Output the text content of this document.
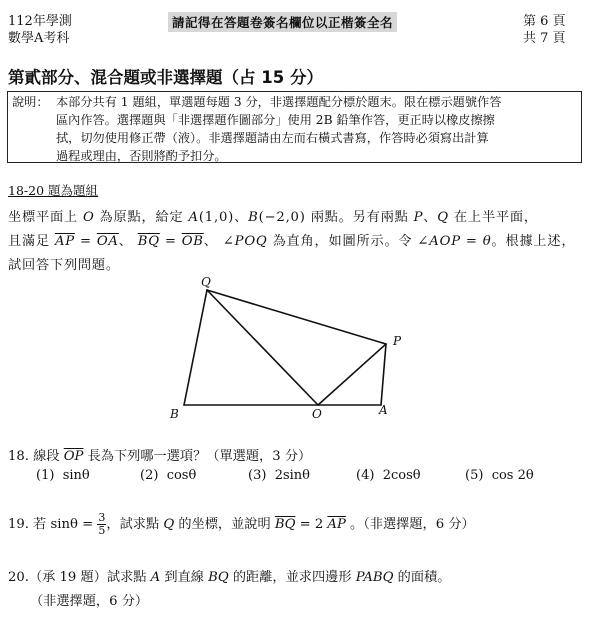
112年學測
數學A考科
請記得在答題卷簽名欄位以正楷簽全名	第 6 頁
共 7 頁
第貳部分、混合題或非選擇題（占 15 分）
說明： 本部分共有 1 題組，單選題每題 3 分，非選擇題配分標於題末。限在標示題號作答
區內作答。選擇題與「非選擇題作圖部分」使用 2B 鉛筆作答，更正時以橡皮擦擦
拭，切勿使用修正帶（液）。非選擇題請由左而右橫式書寫，作答時必須寫出計算
過程或理由，否則將酌予扣分。
18-20 題為題組
坐標平面上 O 為原點，給定 A(1,0)、B(−2,0) 兩點。另有兩點 P、Q 在上半平面，
且滿足 $\overline{AP} = \overline{OA}$、 $\overline{BQ} = \overline{OB}$、 ∠POQ 為直角，如圖所示。令 ∠AOP = θ。根據上述，
試回答下列問題。
Q
P
B	O	A
18. 線段 $\overline{OP}$ 長為下列哪一選項？（單選題，3 分）
(1) sinθ	(2) cosθ	(3) 2sinθ	(4) 2cosθ	(5) cos 2θ
19. 若 $\sin\theta = \frac{3}{5}$ ，試求點 Q 的坐標，並說明 $\overline{BQ} = 2$ $\overline{AP}$ 。（非選擇題，6 分）
20.（承 19 題）試求點 A 到直線 BQ 的距離，並求四邊形 PABQ 的面積。
（非選擇題，6 分）
